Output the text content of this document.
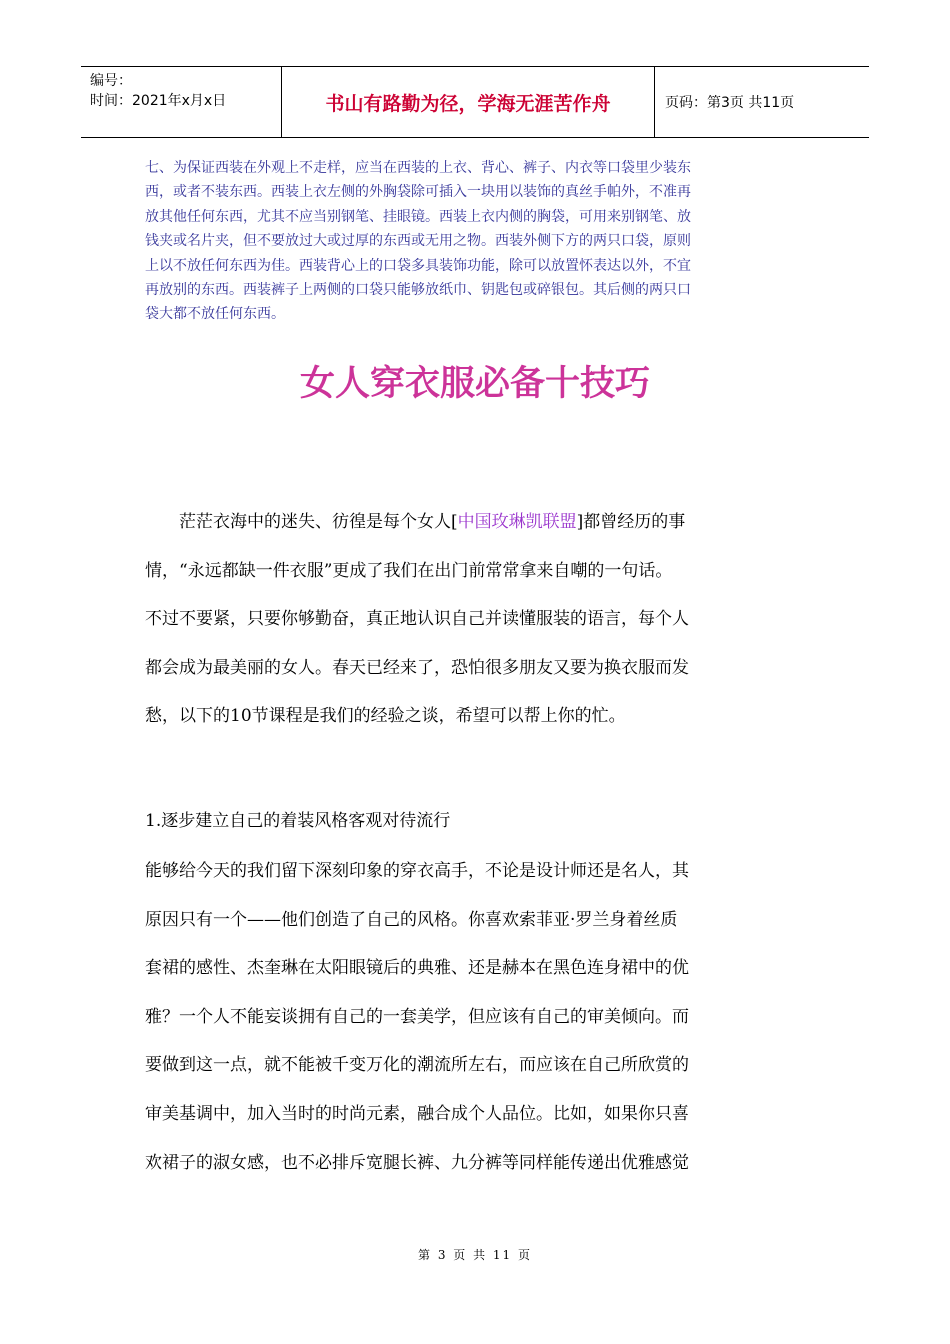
编号：
时间：2021年x月x日	书山有路勤为径，学海无涯苦作舟	页码：第3页 共11页

七、为保证西装在外观上不走样，应当在西装的上衣、背心、裤子、内衣等口袋里少装东

西，或者不装东西。西装上衣左侧的外胸袋除可插入一块用以装饰的真丝手帕外，不准再

放其他任何东西，尤其不应当别钢笔、挂眼镜。西装上衣内侧的胸袋，可用来别钢笔、放

钱夹或名片夹，但不要放过大或过厚的东西或无用之物。西装外侧下方的两只口袋，原则

上以不放任何东西为佳。西装背心上的口袋多具装饰功能，除可以放置怀表达以外，不宜

再放别的东西。西装裤子上两侧的口袋只能够放纸巾、钥匙包或碎银包。其后侧的两只口

袋大都不放任何东西。

女人穿衣服必备十技巧

茫茫衣海中的迷失、彷徨是每个女人[中国玫琳凯联盟]都曾经历的事

情，“永远都缺一件衣服”更成了我们在出门前常常拿来自嘲的一句话。

不过不要紧，只要你够勤奋，真正地认识自己并读懂服装的语言，每个人

都会成为最美丽的女人。春天已经来了，恐怕很多朋友又要为换衣服而发

愁，以下的10节课程是我们的经验之谈，希望可以帮上你的忙。

1.逐步建立自己的着装风格客观对待流行

能够给今天的我们留下深刻印象的穿衣高手，不论是设计师还是名人，其

原因只有一个——他们创造了自己的风格。你喜欢索菲亚·罗兰身着丝质

套裙的感性、杰奎琳在太阳眼镜后的典雅、还是赫本在黑色连身裙中的优

雅？一个人不能妄谈拥有自己的一套美学，但应该有自己的审美倾向。而

要做到这一点，就不能被千变万化的潮流所左右，而应该在自己所欣赏的

审美基调中，加入当时的时尚元素，融合成个人品位。比如，如果你只喜

欢裙子的淑女感，也不必排斥宽腿长裤、九分裤等同样能传递出优雅感觉

第 3 页 共 11 页
